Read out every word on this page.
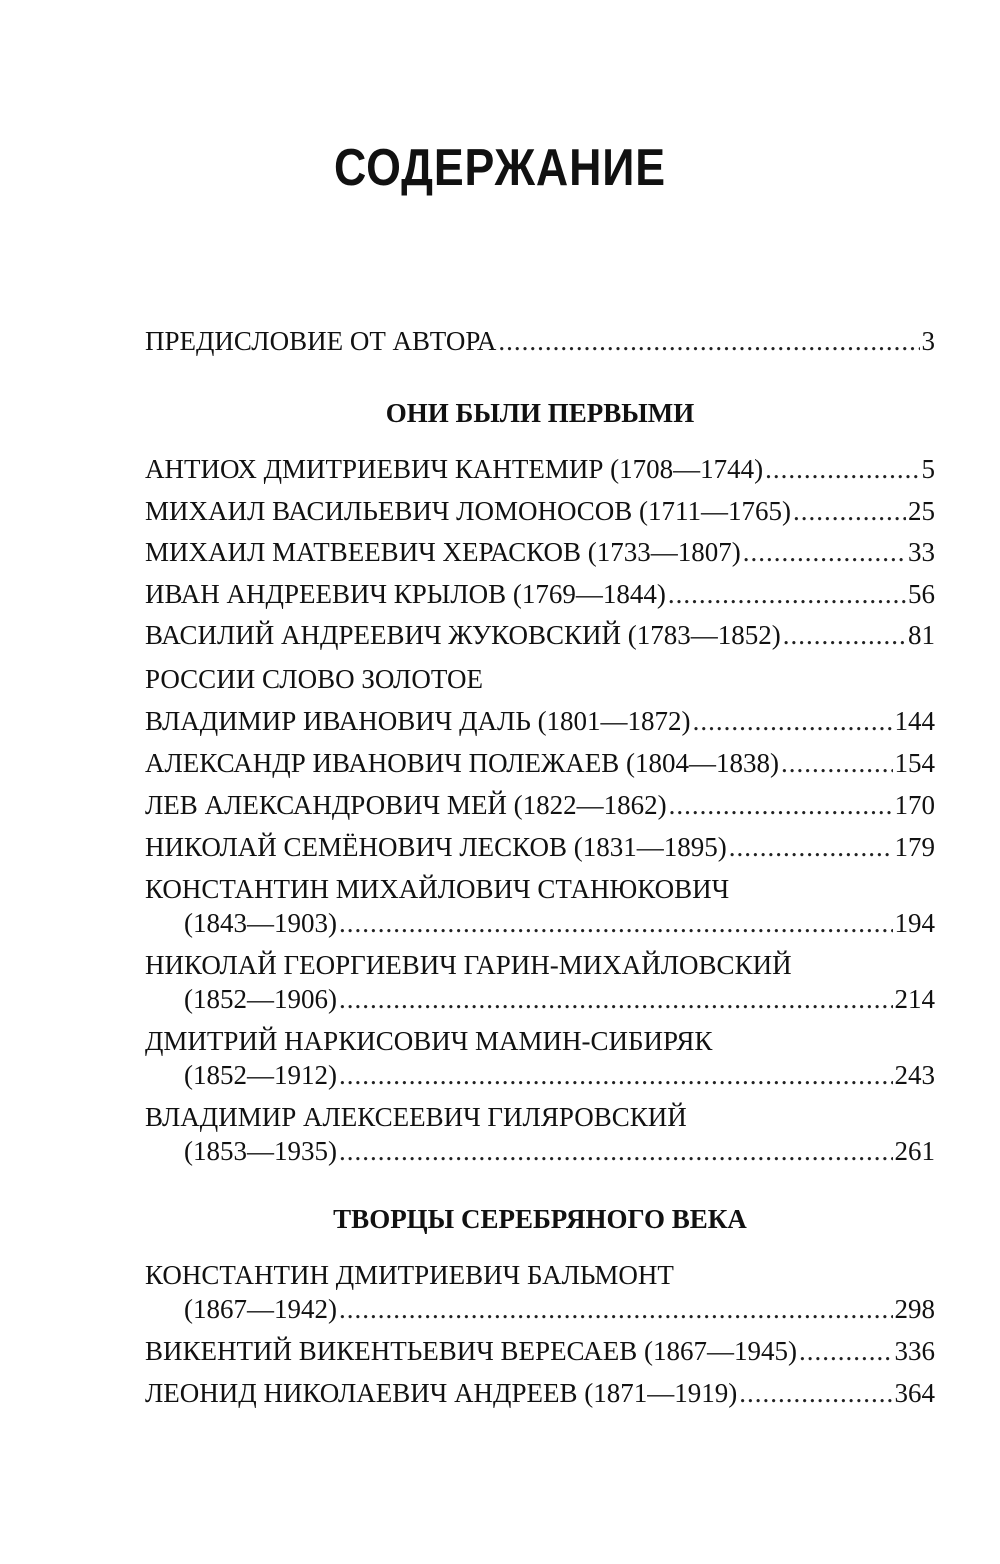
СОДЕРЖАНИЕ
ПРЕДИСЛОВИЕ ОТ АВТОРА .....	3
ОНИ БЫЛИ ПЕРВЫМИ
АНТИОХ ДМИТРИЕВИЧ КАНТЕМИР (1708—1744) .....	5
МИХАИЛ ВАСИЛЬЕВИЧ ЛОМОНОСОВ (1711—1765) .....	25
МИХАИЛ МАТВЕЕВИЧ ХЕРАСКОВ (1733—1807) .....	33
ИВАН АНДРЕЕВИЧ КРЫЛОВ (1769—1844) .....	56
ВАСИЛИЙ АНДРЕЕВИЧ ЖУКОВСКИЙ (1783—1852) .....	81
РОССИИ СЛОВО ЗОЛОТОЕ
ВЛАДИМИР ИВАНОВИЧ ДАЛЬ (1801—1872) .....	144
АЛЕКСАНДР ИВАНОВИЧ ПОЛЕЖАЕВ (1804—1838) .....	154
ЛЕВ АЛЕКСАНДРОВИЧ МЕЙ (1822—1862) .....	170
НИКОЛАЙ СЕМЁНОВИЧ ЛЕСКОВ (1831—1895) .....	179
КОНСТАНТИН МИХАЙЛОВИЧ СТАНЮКОВИЧ
(1843—1903) .....	194
НИКОЛАЙ ГЕОРГИЕВИЧ ГАРИН-МИХАЙЛОВСКИЙ
(1852—1906) .....	214
ДМИТРИЙ НАРКИСОВИЧ МАМИН-СИБИРЯК
(1852—1912) .....	243
ВЛАДИМИР АЛЕКСЕЕВИЧ ГИЛЯРОВСКИЙ
(1853—1935) .....	261
ТВОРЦЫ СЕРЕБРЯНОГО ВЕКА
КОНСТАНТИН ДМИТРИЕВИЧ БАЛЬМОНТ
(1867—1942) .....	298
ВИКЕНТИЙ ВИКЕНТЬЕВИЧ ВЕРЕСАЕВ (1867—1945) .....	336
ЛЕОНИД НИКОЛАЕВИЧ АНДРЕЕВ (1871—1919) .....	364
